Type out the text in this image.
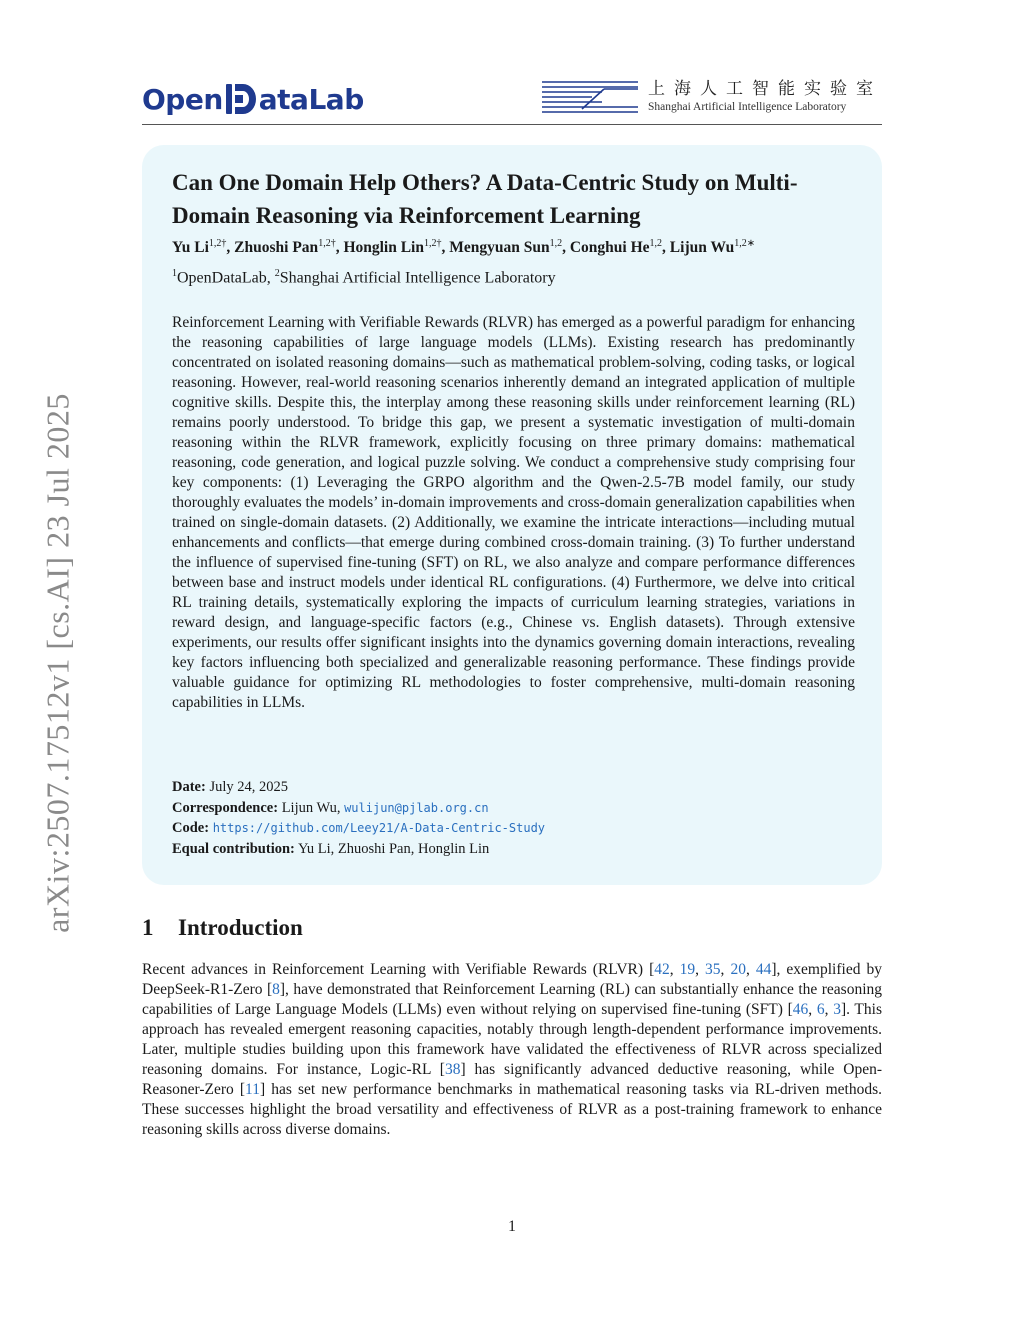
Open ataLab	上海人工智能实验室
Shanghai Artificial Intelligence Laboratory
arXiv:2507.17512v1 [cs.AI] 23 Jul 2025
Can One Domain Help Others? A Data-Centric Study on Multi-Domain Reasoning via Reinforcement Learning
Yu $Li^{1,2\dagger}$, Zhuoshi Pan$^{1,2\dagger}$, Honglin Lin$^{1,2\dagger}$, Mengyuan Sun$^{1,2}$, Conghui He$^{1,2}$, Lijun $Wu^{1,2∗}$
$^1$OpenDataLab, $^2$Shanghai Artificial Intelligence Laboratory
Reinforcement Learning with Verifiable Rewards (RLVR) has emerged as a powerful paradigm for enhancing the reasoning capabilities of large language models (LLMs). Existing research has predominantly concentrated on isolated reasoning domains—such as mathematical problem-solving, coding tasks, or logical reasoning. However, real-world reasoning scenarios inherently demand an integrated application of multiple cognitive skills. Despite this, the interplay among these reasoning skills under reinforcement learning (RL) remains poorly understood. To bridge this gap, we present a systematic investigation of multi-domain reasoning within the RLVR framework, explicitly focusing on three primary domains: mathematical reasoning, code generation, and logical puzzle solving. We conduct a comprehensive study comprising four key components: (1) Leveraging the GRPO algorithm and the Qwen-2.5-7B model family, our study thoroughly evaluates the models’ in-domain improvements and cross-domain generalization capabilities when trained on single-domain datasets. (2) Additionally, we examine the intricate interactions—including mutual enhancements and conflicts—that emerge during combined cross-domain training. (3) To further understand the influence of supervised fine-tuning (SFT) on RL, we also analyze and compare performance differences between base and instruct models under identical RL configurations. (4) Furthermore, we delve into critical RL training details, systematically exploring the impacts of curriculum learning strategies, variations in reward design, and language-specific factors (e.g., Chinese vs. English datasets). Through extensive experiments, our results offer significant insights into the dynamics governing domain interactions, revealing key factors influencing both specialized and generalizable reasoning performance. These findings provide valuable guidance for optimizing RL methodologies to foster comprehensive, multi-domain reasoning capabilities in LLMs.
Date: July 24, 2025
Correspondence: Lijun Wu, wulijun@pjlab.org.cn
Code: https://github.com/Leey21/A-Data-Centric-Study
Equal contribution: Yu Li, Zhuoshi Pan, Honglin Lin
1 Introduction
Recent advances in Reinforcement Learning with Verifiable Rewards (RLVR) [42, 19, 35, 20, 44], exemplified by DeepSeek-R1-Zero [8], have demonstrated that Reinforcement Learning (RL) can substantially enhance the reasoning capabilities of Large Language Models (LLMs) even without relying on supervised fine-tuning (SFT) [46, 6, 3]. This approach has revealed emergent reasoning capacities, notably through length-dependent performance improvements. Later, multiple studies building upon this framework have validated the effectiveness of RLVR across specialized reasoning domains. For instance, Logic-RL [38] has significantly advanced deductive reasoning, while Open-Reasoner-Zero [11] has set new performance benchmarks in mathematical reasoning tasks via RL-driven methods. These successes highlight the broad versatility and effectiveness of RLVR as a post-training framework to enhance reasoning skills across diverse domains.
1
